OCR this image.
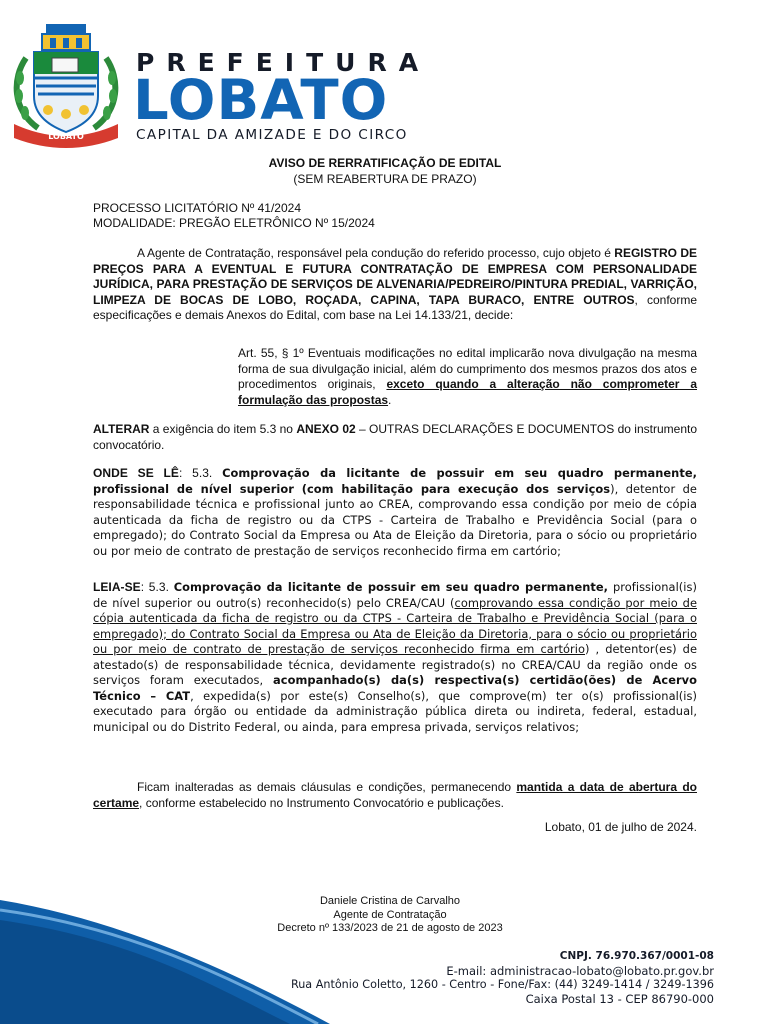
LOBATO
PREFEITURA
LOBATO
CAPITAL DA AMIZADE E DO CIRCO
AVISO DE RERRATIFICAÇÃO DE EDITAL
(SEM REABERTURA DE PRAZO)
PROCESSO LICITATÓRIO Nº 41/2024
MODALIDADE: PREGÃO ELETRÔNICO Nº 15/2024
A Agente de Contratação, responsável pela condução do referido processo, cujo objeto é REGISTRO DE PREÇOS PARA A EVENTUAL E FUTURA CONTRATAÇÃO DE EMPRESA COM PERSONALIDADE JURÍDICA, PARA PRESTAÇÃO DE SERVIÇOS DE ALVENARIA/PEDREIRO/PINTURA PREDIAL, VARRIÇÃO, LIMPEZA DE BOCAS DE LOBO, ROÇADA, CAPINA, TAPA BURACO, ENTRE OUTROS, conforme especificações e demais Anexos do Edital, com base na Lei 14.133/21, decide:
Art. 55, § 1º Eventuais modificações no edital implicarão nova divulgação na mesma forma de sua divulgação inicial, além do cumprimento dos mesmos prazos dos atos e procedimentos originais, exceto quando a alteração não comprometer a formulação das propostas.
ALTERAR a exigência do item 5.3 no ANEXO 02 – OUTRAS DECLARAÇÕES E DOCUMENTOS do instrumento convocatório.
ONDE SE LÊ: 5.3. Comprovação da licitante de possuir em seu quadro permanente, profissional de nível superior (com habilitação para execução dos serviços), detentor de responsabilidade técnica e profissional junto ao CREA, comprovando essa condição por meio de cópia autenticada da ficha de registro ou da CTPS - Carteira de Trabalho e Previdência Social (para o empregado); do Contrato Social da Empresa ou Ata de Eleição da Diretoria, para o sócio ou proprietário ou por meio de contrato de prestação de serviços reconhecido firma em cartório;
LEIA-SE: 5.3. Comprovação da licitante de possuir em seu quadro permanente, profissional(is) de nível superior ou outro(s) reconhecido(s) pelo CREA/CAU (comprovando essa condição por meio de cópia autenticada da ficha de registro ou da CTPS - Carteira de Trabalho e Previdência Social (para o empregado); do Contrato Social da Empresa ou Ata de Eleição da Diretoria, para o sócio ou proprietário ou por meio de contrato de prestação de serviços reconhecido firma em cartório) , detentor(es) de atestado(s) de responsabilidade técnica, devidamente registrado(s) no CREA/CAU da região onde os serviços foram executados, acompanhado(s) da(s) respectiva(s) certidão(ões) de Acervo Técnico – CAT, expedida(s) por este(s) Conselho(s), que comprove(m) ter o(s) profissional(is) executado para órgão ou entidade da administração pública direta ou indireta, federal, estadual, municipal ou do Distrito Federal, ou ainda, para empresa privada, serviços relativos;
Ficam inalteradas as demais cláusulas e condições, permanecendo mantida a data de abertura do certame, conforme estabelecido no Instrumento Convocatório e publicações.
Lobato, 01 de julho de 2024.
Daniele Cristina de Carvalho
Agente de Contratação
Decreto nº 133/2023 de 21 de agosto de 2023
CNPJ. 76.970.367/0001-08
E-mail: administracao-lobato@lobato.pr.gov.br
Rua Antônio Coletto, 1260 - Centro - Fone/Fax: (44) 3249-1414 / 3249-1396
Caixa Postal 13 - CEP 86790-000
